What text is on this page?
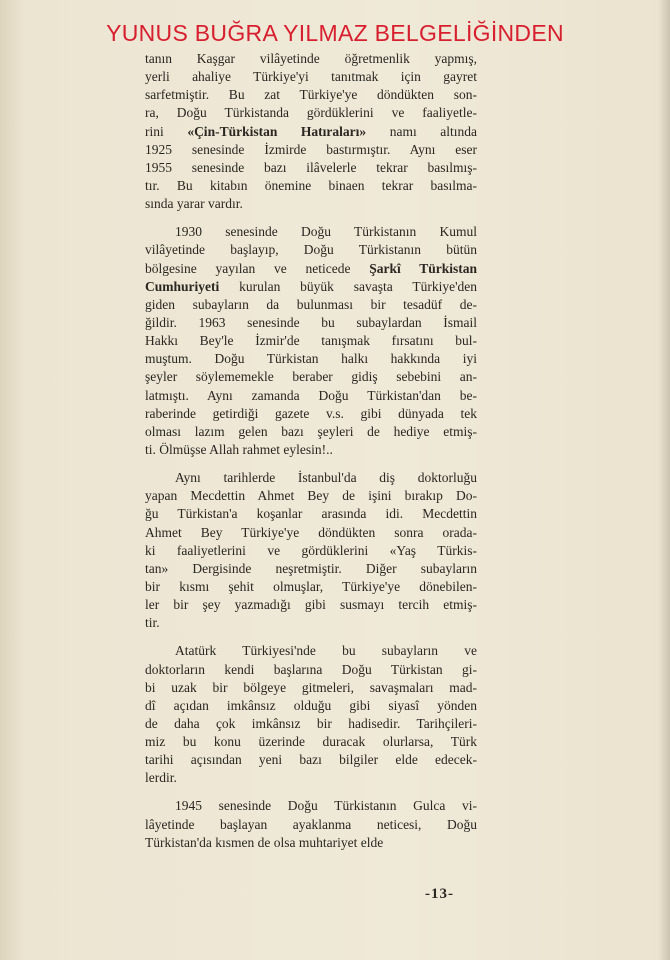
YUNUS BUĞRA YILMAZ BELGELİĞİNDEN
tanın Kaşgar vilâyetinde öğretmenlik yapmış,
yerli ahaliye Türkiye'yi tanıtmak için gayret
sarfetmiştir. Bu zat Türkiye'ye döndükten son-
ra, Doğu Türkistanda gördüklerini ve faaliyetle-
rini «Çin-Türkistan Hatıraları» namı altında
1925 senesinde İzmirde bastırmıştır. Aynı eser
1955 senesinde bazı ilâvelerle tekrar basılmış-
tır. Bu kitabın önemine binaen tekrar basılma-
sında yarar vardır.
1930 senesinde Doğu Türkistanın Kumul
vilâyetinde başlayıp, Doğu Türkistanın bütün
bölgesine yayılan ve neticede Şarkî Türkistan
Cumhuriyeti kurulan büyük savaşta Türkiye'den
giden subayların da bulunması bir tesadüf de-
ğildir. 1963 senesinde bu subaylardan İsmail
Hakkı Bey'le İzmir'de tanışmak fırsatını bul-
muştum. Doğu Türkistan halkı hakkında iyi
şeyler söylememekle beraber gidiş sebebini an-
latmıştı. Aynı zamanda Doğu Türkistan'dan be-
raberinde getirdiği gazete v.s. gibi dünyada tek
olması lazım gelen bazı şeyleri de hediye etmiş-
ti. Ölmüşse Allah rahmet eylesin!..
Aynı tarihlerde İstanbul'da diş doktorluğu
yapan Mecdettin Ahmet Bey de işini bırakıp Do-
ğu Türkistan'a koşanlar arasında idi. Mecdettin
Ahmet Bey Türkiye'ye döndükten sonra orada-
ki faaliyetlerini ve gördüklerini «Yaş Türkis-
tan» Dergisinde neşretmiştir. Diğer subayların
bir kısmı şehit olmuşlar, Türkiye'ye dönebilen-
ler bir şey yazmadığı gibi susmayı tercih etmiş-
tir.
Atatürk Türkiyesi'nde bu subayların ve
doktorların kendi başlarına Doğu Türkistan gi-
bi uzak bir bölgeye gitmeleri, savaşmaları mad-
dî açıdan imkânsız olduğu gibi siyasî yönden
de daha çok imkânsız bir hadisedir. Tarihçileri-
miz bu konu üzerinde duracak olurlarsa, Türk
tarihi açısından yeni bazı bilgiler elde edecek-
lerdir.
1945 senesinde Doğu Türkistanın Gulca vi-
lâyetinde başlayan ayaklanma neticesi, Doğu
Türkistan'da kısmen de olsa muhtariyet elde
-13-
